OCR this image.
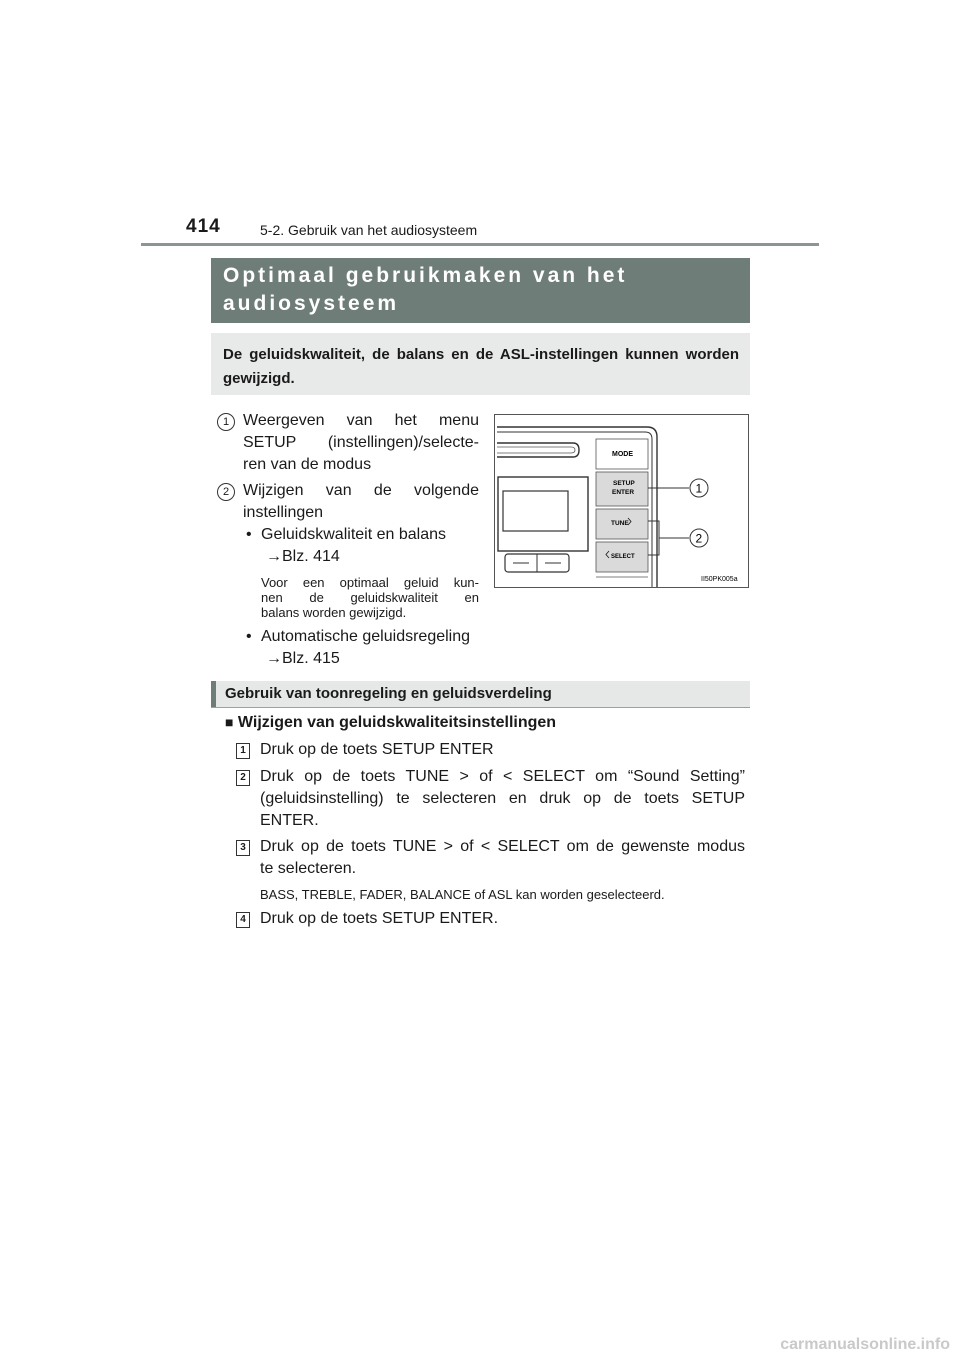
414	5-2. Gebruik van het audiosysteem
Optimaal gebruikmaken van het
audiosysteem
De geluidskwaliteit, de balans en de ASL-instellingen kunnen worden gewijzigd.
1 Weergeven van het menu
SETUP (instellingen)/selecte-
ren van de modus
2 Wijzigen van de volgende
instellingen
• Geluidskwaliteit en balans
→Blz. 414
Voor een optimaal geluid kun-
nen de geluidskwaliteit en
balans worden gewijzigd.
• Automatische geluidsregeling
→Blz. 415
MODE
SETUP
ENTER
TUNE
SELECT
1
2
II50PK005a
Gebruik van toonregeling en geluidsverdeling
■ Wijzigen van geluidskwaliteitsinstellingen
1 Druk op de toets SETUP ENTER
2 Druk op de toets TUNE > of < SELECT om “Sound Setting”
(geluidsinstelling) te selecteren en druk op de toets SETUP
ENTER.
3 Druk op de toets TUNE > of < SELECT om de gewenste modus
te selecteren.
BASS, TREBLE, FADER, BALANCE of ASL kan worden geselecteerd.
4 Druk op de toets SETUP ENTER.
carmanualsonline.info
